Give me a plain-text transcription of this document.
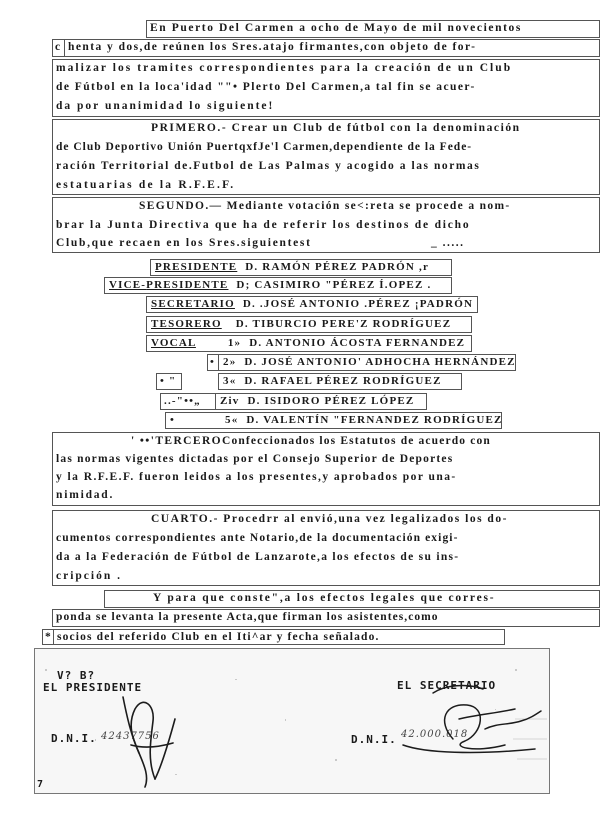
En Puerto Del Carmen a ocho de Mayo de mil novecientos
c henta y dos,de reúnen los Sres.atajo firmantes,con objeto de for-
malizar los tramites correspondientes para la creación de un Club
de Fútbol en la loca'idad ""• Plerto Del Carmen,a tal fin se acuer-
da por unanimidad lo siguiente!
PRIMERO.- Crear un Club de fútbol con la denominación
de Club Deportivo Unión PuertqxfJe'l Carmen,dependiente de la Fede-
ración Territorial de.Futbol de Las Palmas y acogido a las normas
estatuarias de la R.F.E.F.
SEGUNDO.— Mediante votación se<:reta se procede a nom-
brar la Junta Directiva que ha de referir los destinos de dicho
Club,que recaen en los Sres.siguientest	_ .....
PRESIDENTE D. RAMÓN PÉREZ PADRÓN ,r
VICE-PRESIDENTE D; CASIMIRO "PÉREZ Í.OPEZ .
SECRETARIO D. .JOSÉ ANTONIO .PÉREZ ¡PADRÓN
TESORERO D. TIBURCIO PERE'Z RODRÍGUEZ
VOCAL	1» D. ANTONIO ÁCOSTA FERNANDEZ
• 2» D. JOSÉ ANTONIO' ADHOCHA HERNÁNDEZ
• "	3« D. RAFAEL PÉREZ RODRÍGUEZ
..-"••„	Ziv D. ISIDORO PÉREZ LÓPEZ
•	5« D. VALENTÍN "FERNANDEZ RODRÍGUEZ
' ••'TERCEROConfeccionados los Estatutos de acuerdo con
las normas vigentes dictadas por el Consejo Superior de Deportes
y la R.F.E.F. fueron leidos a los presentes,y aprobados por una-
nimidad.
CUARTO.- Procedrr al envió,una vez legalizados los do-
cumentos correspondientes ante Notario,de la documentación exigi-
da a la Federación de Fútbol de Lanzarote,a los efectos de su ins-
cripción .
Y para que conste",a los efectos legales que corres-
ponda se levanta la presente Acta,que firman los asistentes,como
* socios del referido Club en el Iti^ar y fecha señalado.
V? B?
EL PRESIDENTE	EL SECRETARIO
D.N.I. 42437756	D.N.I. 42.000.018
7
